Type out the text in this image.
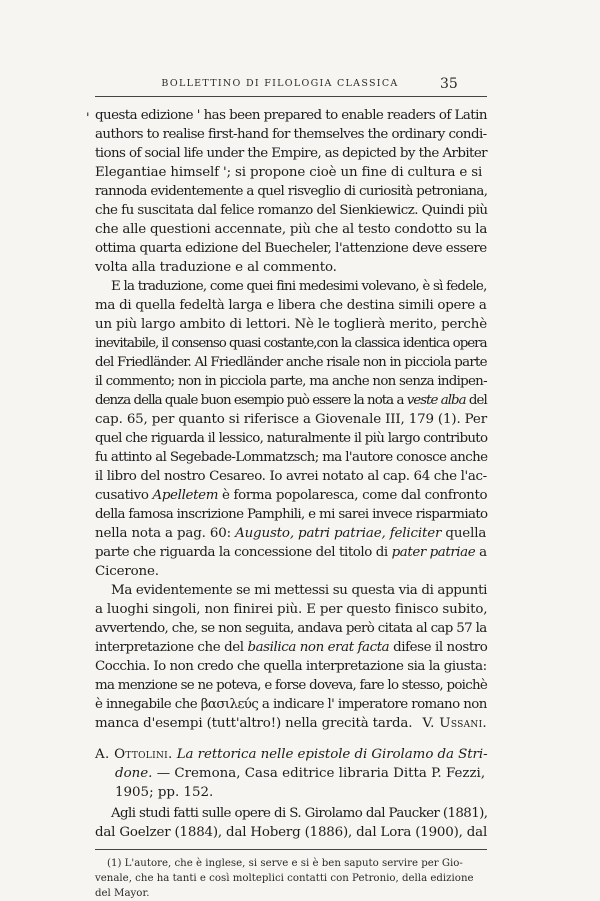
BOLLETTINO DI FILOLOGIA CLASSICA	35
' questa edizione ' has been prepared to enable readers of Latin
authors to realise first-hand for themselves the ordinary condi-
tions of social life under the Empire, as depicted by the Arbiter
Elegantiae himself '; si propone cioè un fine di cultura e si
rannoda evidentemente a quel risveglio di curiosità petroniana,
che fu suscitata dal felice romanzo del Sienkiewicz. Quindi più
che alle questioni accennate, più che al testo condotto su la
ottima quarta edizione del Buecheler, l'attenzione deve essere
volta alla traduzione e al commento.
E la traduzione, come quei fini medesimi volevano, è sì fedele,
ma di quella fedeltà larga e libera che destina simili opere a
un più largo ambito di lettori. Nè le toglierà merito, perchè
inevitabile, il consenso quasi costante,con la classica identica opera
del Friedländer. Al Friedländer anche risale non in picciola parte
il commento; non in picciola parte, ma anche non senza indipen-
denza della quale buon esempio può essere la nota a veste alba del
cap. 65, per quanto si riferisce a Giovenale III, 179 (1). Per
quel che riguarda il lessico, naturalmente il più largo contributo
fu attinto al Segebade-Lommatzsch; ma l'autore conosce anche
il libro del nostro Cesareo. Io avrei notato al cap. 64 che l'ac-
cusativo Apelletem è forma popolaresca, come dal confronto
della famosa inscrizione Pamphili, e mi sarei invece risparmiato
nella nota a pag. 60: Augusto, patri patriae, feliciter quella
parte che riguarda la concessione del titolo di pater patriae a
Cicerone.
Ma evidentemente se mi mettessi su questa via di appunti
a luoghi singoli, non finirei più. E per questo finisco subito,
avvertendo, che, se non seguita, andava però citata al cap 57 la
interpretazione che del basilica non erat facta difese il nostro
Cocchia. Io non credo che quella interpretazione sia la giusta:
ma menzione se ne poteva, e forse doveva, fare lo stesso, poichè
è innegabile che βασιλεύς a indicare l' imperatore romano non
manca d'esempi (tutt'altro!) nella grecità tarda. V. Ussani.
A. Ottolini. La rettorica nelle epistole di Girolamo da Stri-
done. — Cremona, Casa editrice libraria Ditta P. Fezzi,
1905; pp. 152.
Agli studi fatti sulle opere di S. Girolamo dal Paucker (1881),
dal Goelzer (1884), dal Hoberg (1886), dal Lora (1900), dal
(1) L'autore, che è inglese, si serve e si è ben saputo servire per Gio-
venale, che ha tanti e così molteplici contatti con Petronio, della edizione
del Mayor.
